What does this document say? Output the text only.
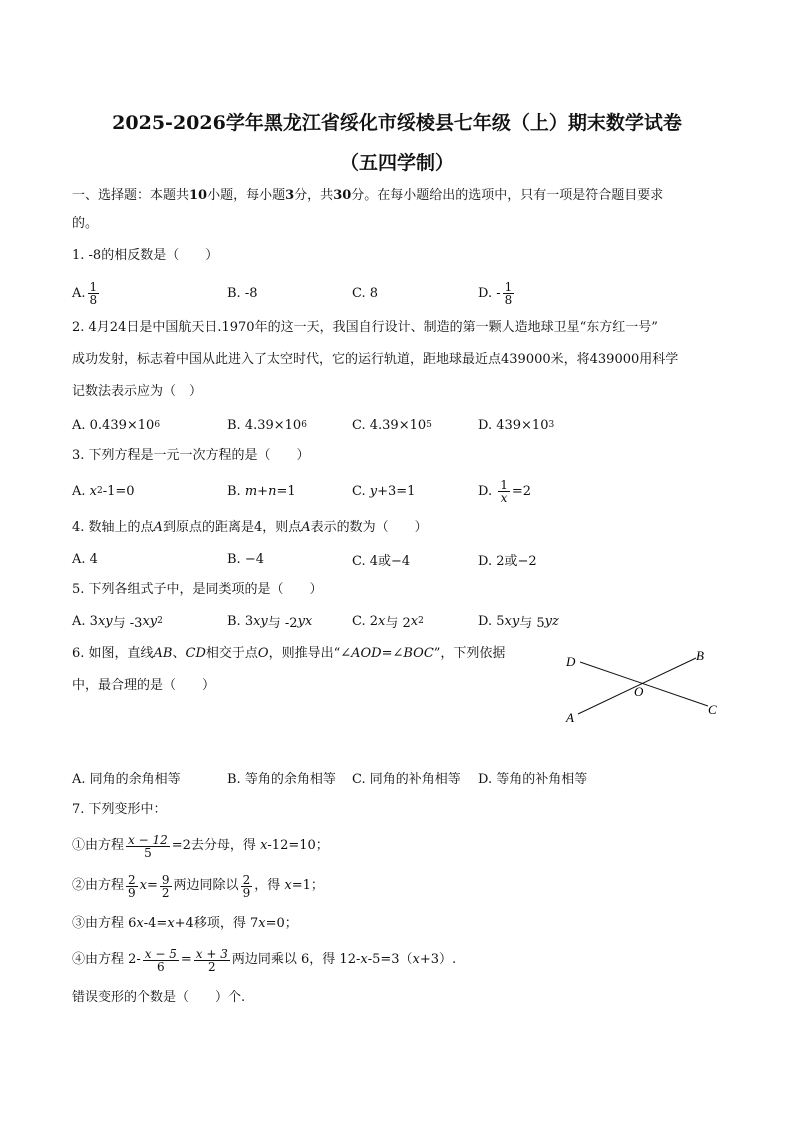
2025-2026学年黑龙江省绥化市绥棱县七年级（上）期末数学试卷
（五四学制）
一、选择题：本题共10小题，每小题3分，共30分。在每小题给出的选项中，只有一项是符合题目要求
的。
1. -8的相反数是（　　）
A. $\frac{1}{8}$	B. -8	C. 8	D. - $\frac{1}{8}$
2. 4月24日是中国航天日.1970年的这一天，我国自行设计、制造的第一颗人造地球卫星“东方红一号”
成功发射，标志着中国从此进入了太空时代，它的运行轨道，距地球最近点439000米，将439000用科学
记数法表示应为（　）
A. 0.439×10 6	B. 4.39×10 6	C. 4.39×10 5	D. 439×10 3
3. 下列方程是一元一次方程的是（　　）
A.
x 2 -1=0	B.
m + n =1	C.
y +3=1	D.
$\frac{1}{x} =2$
4. 数轴上的点A到原点的距离是4，则点A表示的数为（　　）
A. 4	B. −4	C. 4或−4	D. 2或−2
5. 下列各组式子中，是同类项的是（　　）
A. 3 x y 与 -3 xy 2	B. 3 xy 与 -2 yx	C. 2 x 与 2 x 2	D. 5 xy 与 5 yz
6. 如图，直线AB、CD相交于点O，则推导出“∠AOD=∠BOC”，下列依据
中，最合理的是（　　）
D	B
O
A
C
A. 同角的余角相等	B. 等角的余角相等 C. 同角的补角相等 D. 等角的补角相等
7. 下列变形中：
①由方程 $\frac{x - 12}{5} =2$去分母，得
x -12=10；
②由方程 $\frac{2}{9}$ $x = \frac{9}{2}$ 两边同除以 $\frac{2}{9}$ ，得
x =1；
③由方程 6x-4=x+4移项，得 7x=0；
④由方程 $2- \frac{x - 5}{6} = \frac{x + 3}{2}$ 两边同乘以 6，得 12- x -5=3（ x +3）.
错误变形的个数是（　　）个.
